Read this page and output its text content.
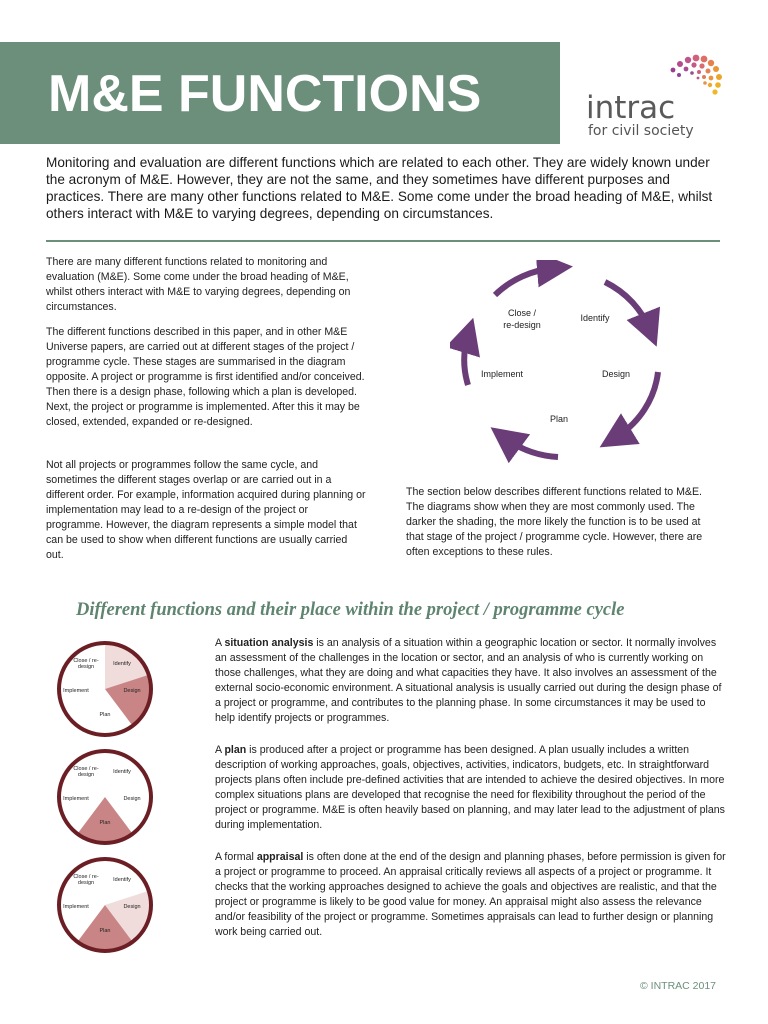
M&E FUNCTIONS	intrac
for civil society
Monitoring and evaluation are different functions which are related to each other. They are widely known under the acronym of M&E. However, they are not the same, and they sometimes have different purposes and practices. There are many other functions related to M&E. Some come under the broad heading of M&E, whilst others interact with M&E to varying degrees, depending on circumstances.

There are many different functions related to monitoring and evaluation (M&E). Some come under the broad heading of M&E, whilst others interact with M&E to varying degrees, depending on circumstances.

The different functions described in this paper, and in other M&E Universe papers, are carried out at different stages of the project / programme cycle. These stages are summarised in the diagram opposite. A project or programme is first identified and/or conceived. Then there is a design phase, following which a plan is developed. Next, the project or programme is implemented. After this it may be closed, extended, expanded or re-designed.

Not all projects or programmes follow the same cycle, and sometimes the different stages overlap or are carried out in a different order. For example, information acquired during planning or implementation may lead to a re-design of the project or programme. However, the diagram represents a simple model that can be used to show when different functions are usually carried out.

Close /
re-design
Identify
Design
Plan
Implement
The section below describes different functions related to M&E. The diagrams show when they are most commonly used. The darker the shading, the more likely the function is to be used at that stage of the project / programme cycle. However, there are often exceptions to these rules.
Different functions and their place within the project / programme cycle
Close / re-
design	Identify
Design
Plan
Implement
Close / re-
design	Identify
Design
Plan
Implement
Close / re-
design	Identify
Design
Plan
Implement
A situation analysis is an analysis of a situation within a geographic location or sector. It normally involves an assessment of the challenges in the location or sector, and an analysis of who is currently working on those challenges, what they are doing and what capacities they have. It also involves an assessment of the external socio-economic environment. A situational analysis is usually carried out during the design phase of a project or programme, and contributes to the planning phase. In some circumstances it may be used to help identify projects or programmes.
A plan is produced after a project or programme has been designed. A plan usually includes a written description of working approaches, goals, objectives, activities, indicators, budgets, etc. In straightforward projects plans often include pre-defined activities that are intended to achieve the desired objectives. In more complex situations plans are developed that recognise the need for flexibility throughout the period of the project or programme. M&E is often heavily based on planning, and may later lead to the adjustment of plans during implementation.
A formal appraisal is often done at the end of the design and planning phases, before permission is given for a project or programme to proceed. An appraisal critically reviews all aspects of a project or programme. It checks that the working approaches designed to achieve the goals and objectives are realistic, and that the project or programme is likely to be good value for money. An appraisal might also assess the relevance and/or feasibility of the project or programme. Sometimes appraisals can lead to further design or planning work being carried out.
© INTRAC 2017
